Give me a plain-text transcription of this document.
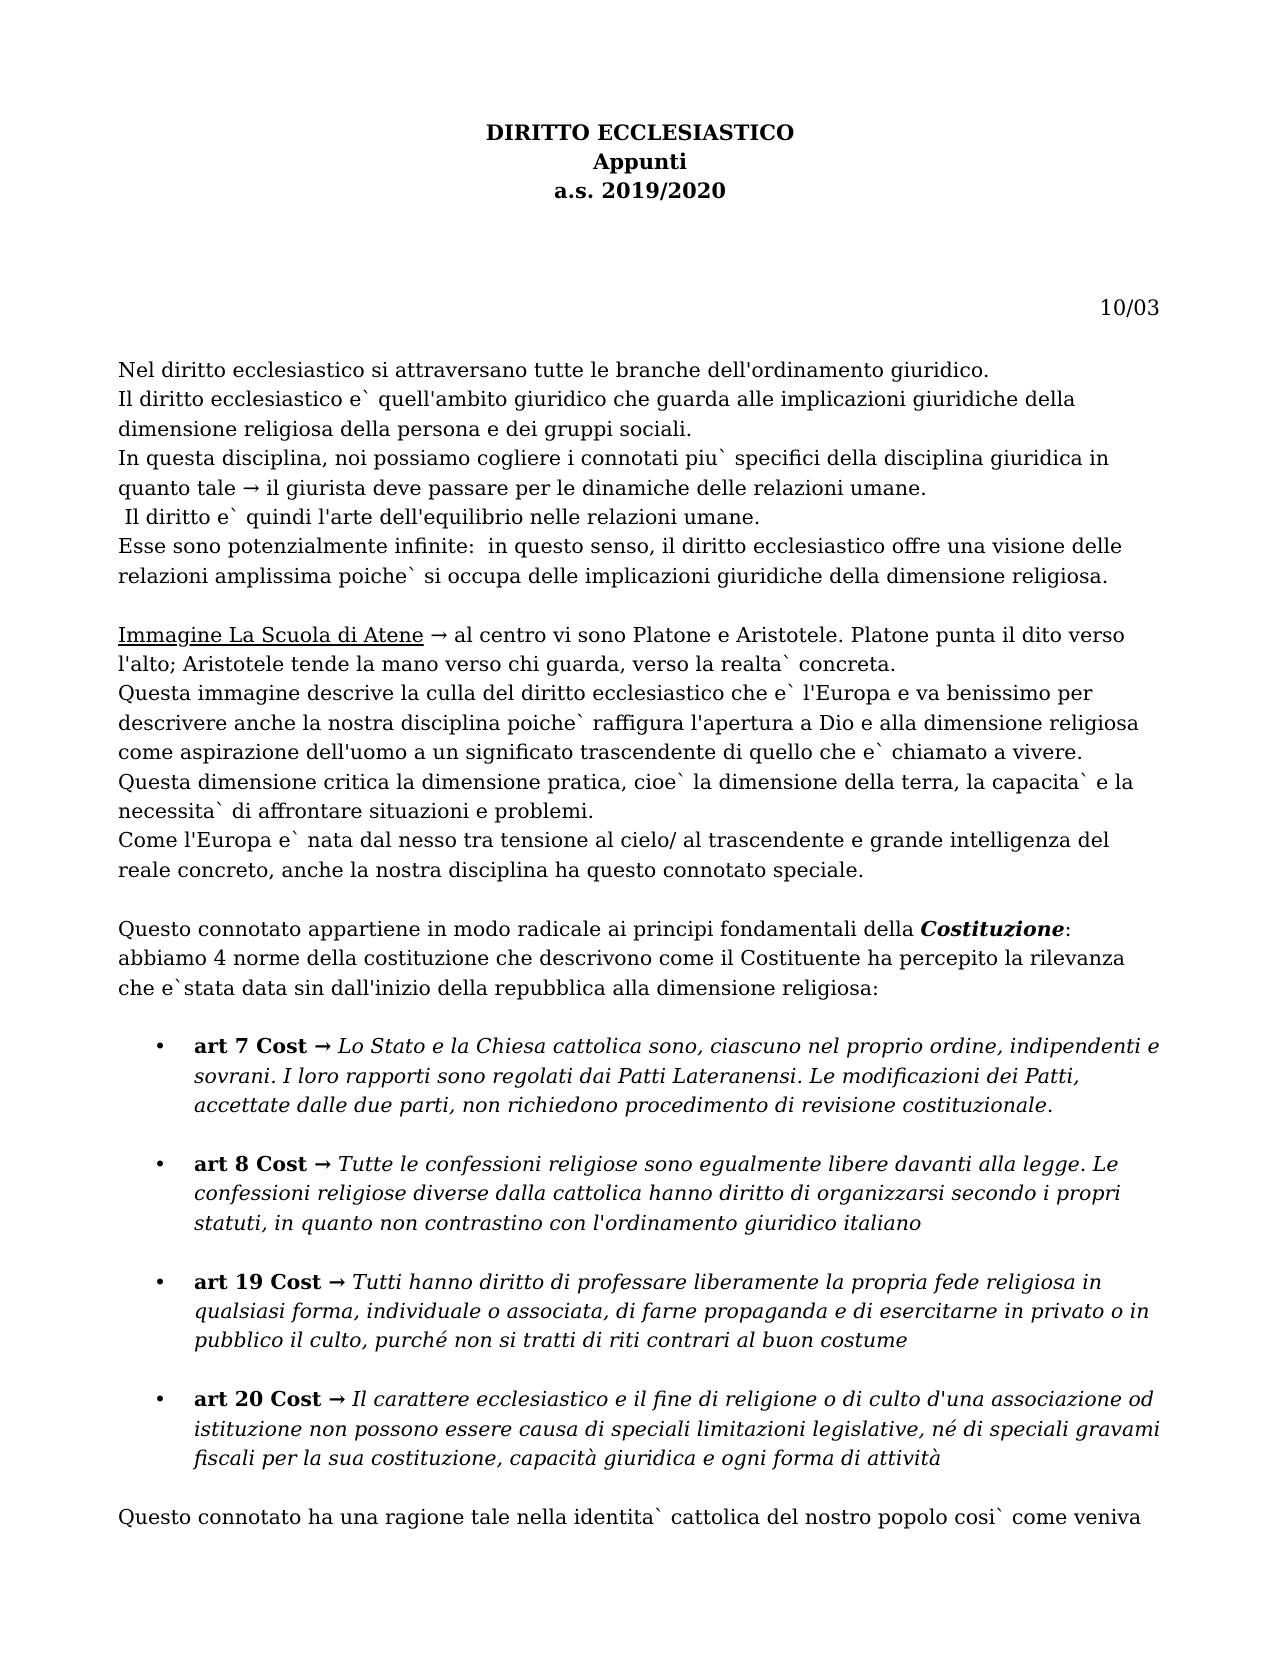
DIRITTO ECCLESIASTICO
Appunti
a.s. 2019/2020
10/03

Nel diritto ecclesiastico si attraversano tutte le branche dell'ordinamento giuridico.

Il diritto ecclesiastico e` quell'ambito giuridico che guarda alle implicazioni giuridiche della

dimensione religiosa della persona e dei gruppi sociali.

In questa disciplina, noi possiamo cogliere i connotati piu` specifici della disciplina giuridica in

quanto tale → il giurista deve passare per le dinamiche delle relazioni umane.

Il diritto e` quindi l'arte dell'equilibrio nelle relazioni umane.

Esse sono potenzialmente infinite:  in questo senso, il diritto ecclesiastico offre una visione delle

relazioni amplissima poiche` si occupa delle implicazioni giuridiche della dimensione religiosa.

Immagine La Scuola di Atene → al centro vi sono Platone e Aristotele. Platone punta il dito verso

l'alto; Aristotele tende la mano verso chi guarda, verso la realta` concreta.

Questa immagine descrive la culla del diritto ecclesiastico che e` l'Europa e va benissimo per

descrivere anche la nostra disciplina poiche` raffigura l'apertura a Dio e alla dimensione religiosa

come aspirazione dell'uomo a un significato trascendente di quello che e` chiamato a vivere.

Questa dimensione critica la dimensione pratica, cioe` la dimensione della terra, la capacita` e la

necessita` di affrontare situazioni e problemi.

Come l'Europa e` nata dal nesso tra tensione al cielo/ al trascendente e grande intelligenza del

reale concreto, anche la nostra disciplina ha questo connotato speciale.

Questo connotato appartiene in modo radicale ai principi fondamentali della Costituzione:

abbiamo 4 norme della costituzione che descrivono come il Costituente ha percepito la rilevanza

che e`stata data sin dall'inizio della repubblica alla dimensione religiosa:

• art 7 Cost → Lo Stato e la Chiesa cattolica sono, ciascuno nel proprio ordine, indipendenti e

sovrani. I loro rapporti sono regolati dai Patti Lateranensi. Le modificazioni dei Patti,

accettate dalle due parti, non richiedono procedimento di revisione costituzionale.

• art 8 Cost → Tutte le confessioni religiose sono egualmente libere davanti alla legge. Le

confessioni religiose diverse dalla cattolica hanno diritto di organizzarsi secondo i propri

statuti, in quanto non contrastino con l'ordinamento giuridico italiano

• art 19 Cost → Tutti hanno diritto di professare liberamente la propria fede religiosa in

qualsiasi forma, individuale o associata, di farne propaganda e di esercitarne in privato o in

pubblico il culto, purché non si tratti di riti contrari al buon costume

• art 20 Cost → Il carattere ecclesiastico e il fine di religione o di culto d'una associazione od

istituzione non possono essere causa di speciali limitazioni legislative, né di speciali gravami

fiscali per la sua costituzione, capacità giuridica e ogni forma di attività

Questo connotato ha una ragione tale nella identita` cattolica del nostro popolo cosi` come veniva
